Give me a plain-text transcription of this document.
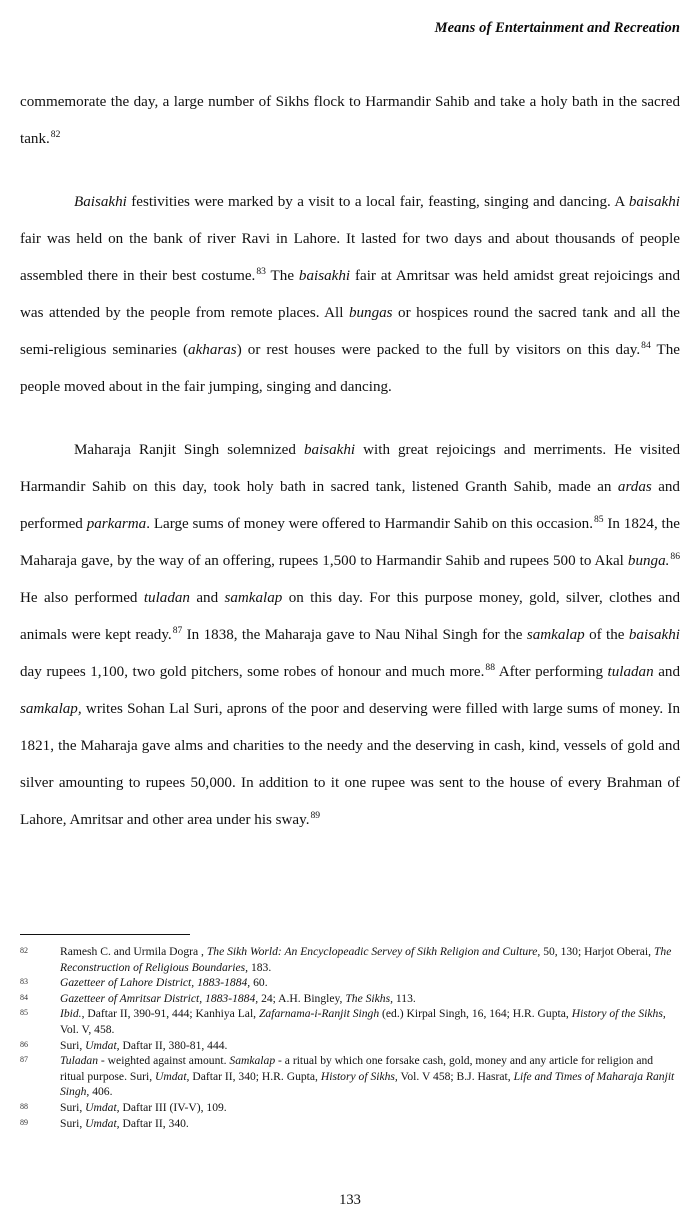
Means of Entertainment and Recreation

commemorate the day, a large number of Sikhs flock to Harmandir Sahib and take a holy bath in the sacred tank.$^{82}$

Baisakhi festivities were marked by a visit to a local fair, feasting, singing and dancing. A baisakhi fair was held on the bank of river Ravi in Lahore. It lasted for two days and about thousands of people assembled there in their best costume.$^{83}$ The baisakhi fair at Amritsar was held amidst great rejoicings and was attended by the people from remote places. All bungas or hospices round the sacred tank and all the semi-religious seminaries (akharas) or rest houses were packed to the full by visitors on this day.$^{84}$ The people moved about in the fair jumping, singing and dancing.

Maharaja Ranjit Singh solemnized baisakhi with great rejoicings and merriments. He visited Harmandir Sahib on this day, took holy bath in sacred tank, listened Granth Sahib, made an ardas and performed parkarma. Large sums of money were offered to Harmandir Sahib on this occasion.$^{85}$ In 1824, the Maharaja gave, by the way of an offering, rupees 1,500 to Harmandir Sahib and rupees 500 to Akal bunga.$^{86}$ He also performed tuladan and samkalap on this day. For this purpose money, gold, silver, clothes and animals were kept ready.$^{87}$ In 1838, the Maharaja gave to Nau Nihal Singh for the samkalap of the baisakhi day rupees 1,100, two gold pitchers, some robes of honour and much more.$^{88}$ After performing tuladan and samkalap, writes Sohan Lal Suri, aprons of the poor and deserving were filled with large sums of money. In 1821, the Maharaja gave alms and charities to the needy and the deserving in cash, kind, vessels of gold and silver amounting to rupees 50,000. In addition to it one rupee was sent to the house of every Brahman of Lahore, Amritsar and other area under his sway.$^{89}$

82	Ramesh C. and Urmila Dogra , The Sikh World: An Encyclopeadic Servey of Sikh Religion and Culture, 50, 130; Harjot Oberai, The Reconstruction of Religious Boundaries, 183.
83	Gazetteer of Lahore District, 1883-1884, 60.
84	Gazetteer of Amritsar District, 1883-1884, 24; A.H. Bingley, The Sikhs, 113.
85	Ibid., Daftar II, 390-91, 444; Kanhiya Lal, Zafarnama-i-Ranjit Singh (ed.) Kirpal Singh, 16, 164; H.R. Gupta, History of the Sikhs, Vol. V, 458.
86	Suri, Umdat, Daftar II, 380-81, 444.
87	Tuladan - weighted against amount. Samkalap - a ritual by which one forsake cash, gold, money and any article for religion and ritual purpose. Suri, Umdat, Daftar II, 340; H.R. Gupta, History of Sikhs, Vol. V 458; B.J. Hasrat, Life and Times of Maharaja Ranjit Singh, 406.
88	Suri, Umdat, Daftar III (IV-V), 109.
89	Suri, Umdat, Daftar II, 340.
133
